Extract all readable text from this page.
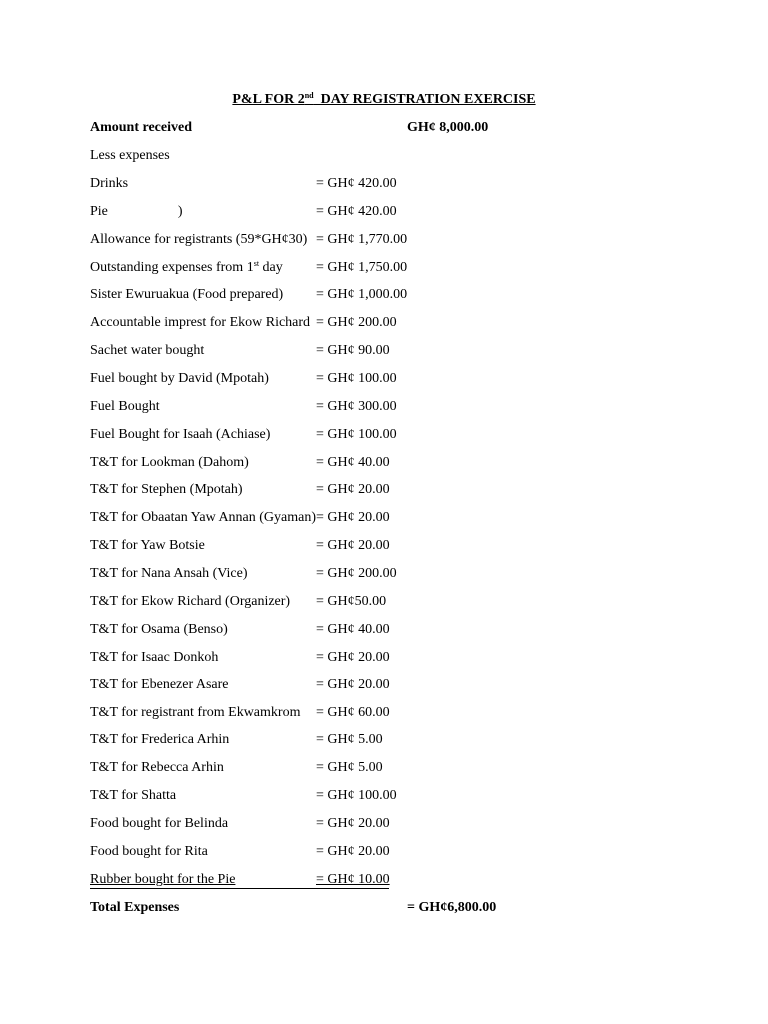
P&L FOR 2nd  DAY REGISTRATION EXERCISE
Amount received	GH¢ 8,000.00
Less expenses
Drinks	= GH¢ 420.00
Pie                    )	= GH¢ 420.00
Allowance for registrants (59*GH¢30) = GH¢ 1,770.00
Outstanding expenses from 1st day = GH¢ 1,750.00
Sister Ewuruakua (Food prepared) = GH¢ 1,000.00
Accountable imprest for Ekow Richard = GH¢ 200.00
Sachet water bought	= GH¢ 90.00
Fuel bought by David (Mpotah)	= GH¢ 100.00
Fuel Bought	= GH¢ 300.00
Fuel Bought for Isaah (Achiase)	= GH¢ 100.00
T&T for Lookman (Dahom)	= GH¢ 40.00
T&T for Stephen (Mpotah)	= GH¢ 20.00
T&T for Obaatan Yaw Annan (Gyaman) = GH¢ 20.00
T&T for Yaw Botsie	= GH¢ 20.00
T&T for Nana Ansah (Vice)	= GH¢ 200.00
T&T for Ekow Richard (Organizer) = GH¢50.00
T&T for Osama (Benso)	= GH¢ 40.00
T&T for Isaac Donkoh	= GH¢ 20.00
T&T for Ebenezer Asare	= GH¢ 20.00
T&T for registrant from Ekwamkrom = GH¢ 60.00
T&T for Frederica Arhin	= GH¢ 5.00
T&T for Rebecca Arhin	= GH¢ 5.00
T&T for Shatta	= GH¢ 100.00
Food bought for Belinda	= GH¢ 20.00
Food bought for Rita	= GH¢ 20.00
Rubber bought for the Pie	= GH¢ 10.00
Total Expenses	= GH¢6,800.00
